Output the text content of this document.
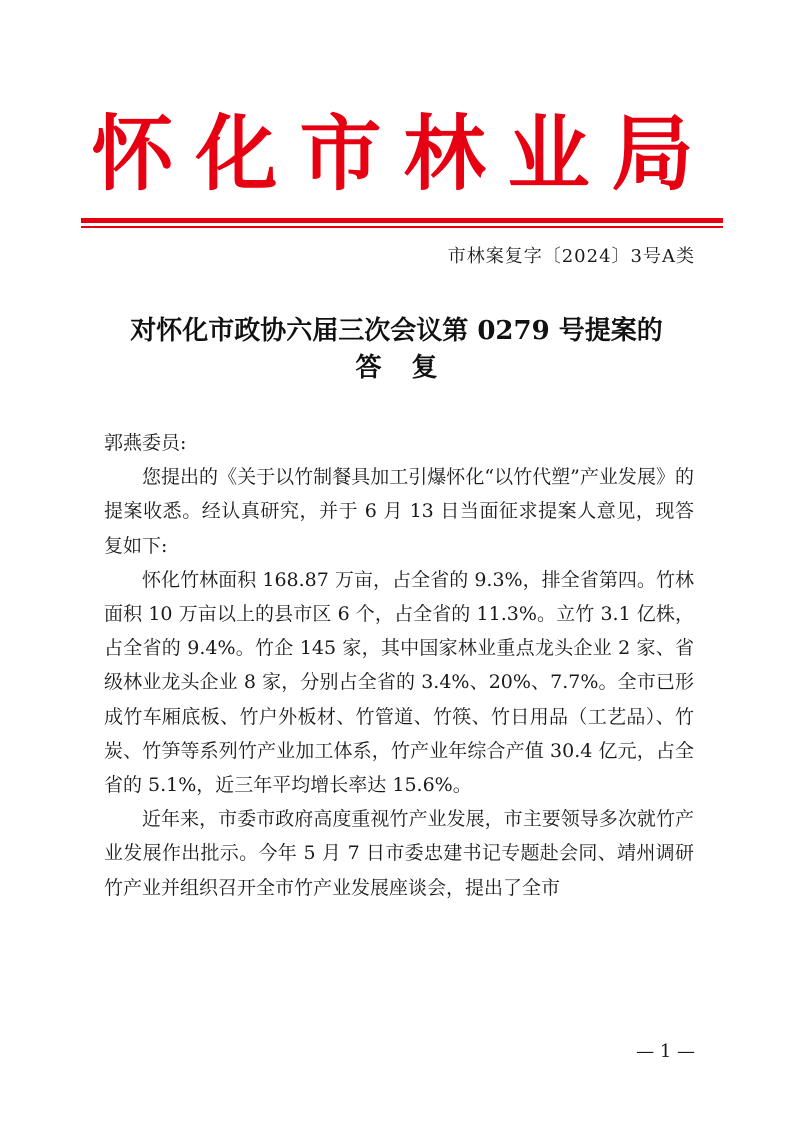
怀化市林业局
市林案复字〔2024〕3号A类
对怀化市政协六届三次会议第 0279 号提案的
答复

郭燕委员:

您提出的《关于以竹制餐具加工引爆怀化“以竹代塑”产业发展》的提案收悉。经认真研究，并于 6 月 13 日当面征求提案人意见，现答复如下:

怀化竹林面积 168.87 万亩，占全省的 9.3%，排全省第四。竹林面积 10 万亩以上的县市区 6 个，占全省的 11.3%。立竹 3.1 亿株，占全省的 9.4%。竹企 145 家，其中国家林业重点龙头企业 2 家、省级林业龙头企业 8 家，分别占全省的 3.4%、20%、7.7%。全市已形成竹车厢底板、竹户外板材、竹管道、竹筷、竹日用品（工艺品）、竹炭、竹笋等系列竹产业加工体系，竹产业年综合产值 30.4 亿元，占全省的 5.1%，近三年平均增长率达 15.6%。

近年来，市委市政府高度重视竹产业发展，市主要领导多次就竹产业发展作出批示。今年 5 月 7 日市委忠建书记专题赴会同、靖州调研竹产业并组织召开全市竹产业发展座谈会，提出了全市

— 1 —
